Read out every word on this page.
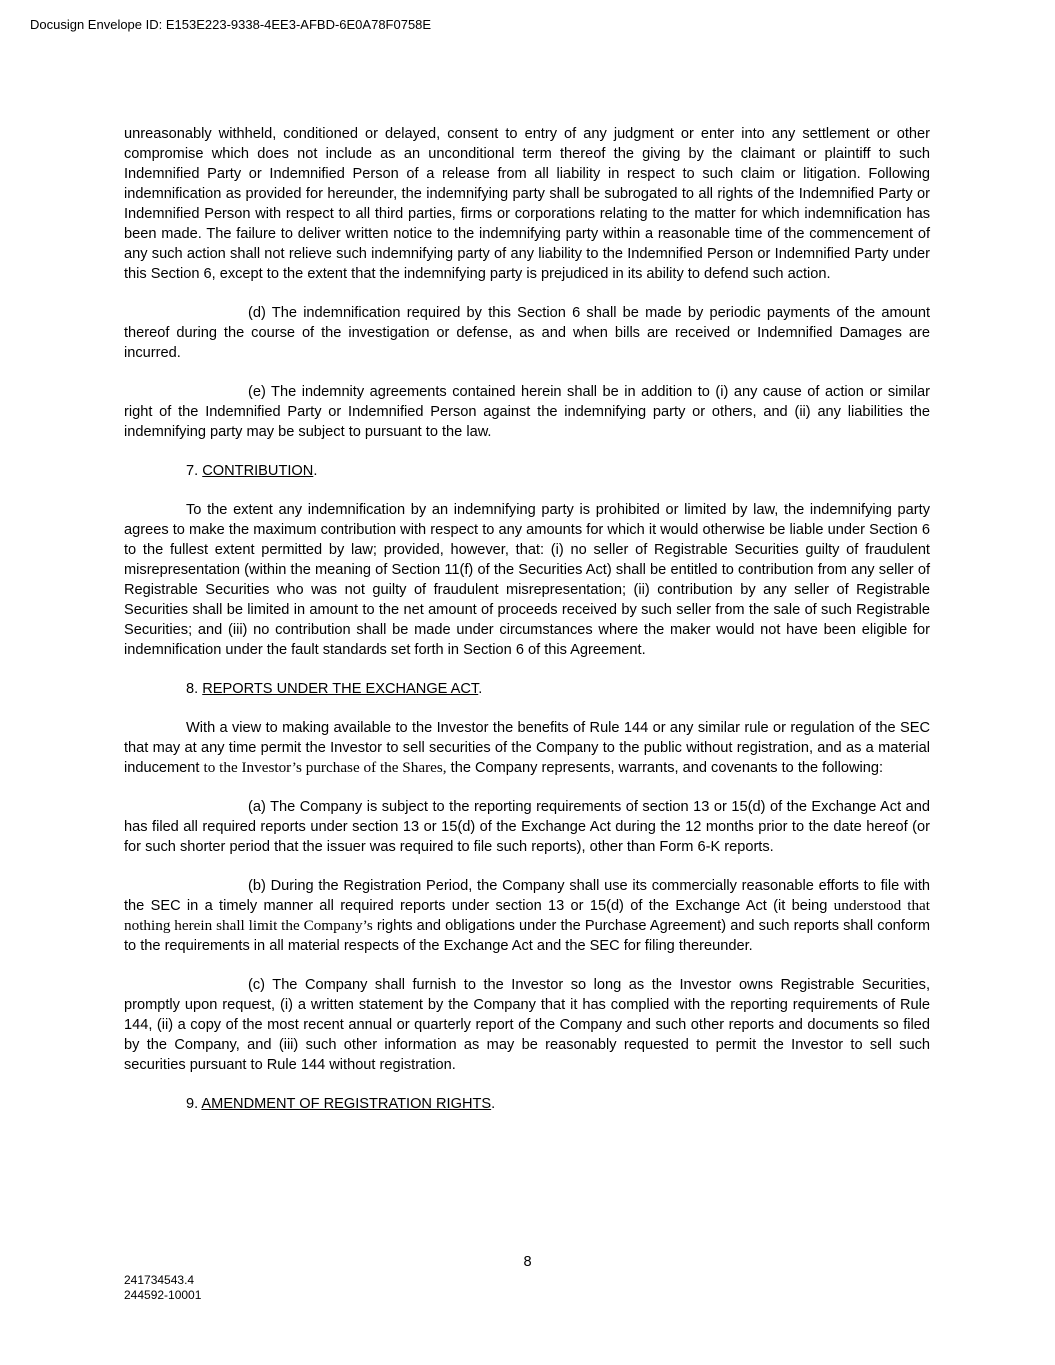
Docusign Envelope ID: E153E223-9338-4EE3-AFBD-6E0A78F0758E

unreasonably withheld, conditioned or delayed, consent to entry of any judgment or enter into any settlement or other compromise which does not include as an unconditional term thereof the giving by the claimant or plaintiff to such Indemnified Party or Indemnified Person of a release from all liability in respect to such claim or litigation. Following indemnification as provided for hereunder, the indemnifying party shall be subrogated to all rights of the Indemnified Party or Indemnified Person with respect to all third parties, firms or corporations relating to the matter for which indemnification has been made. The failure to deliver written notice to the indemnifying party within a reasonable time of the commencement of any such action shall not relieve such indemnifying party of any liability to the Indemnified Person or Indemnified Party under this Section 6, except to the extent that the indemnifying party is prejudiced in its ability to defend such action.

(d) The indemnification required by this Section 6 shall be made by periodic payments of the amount thereof during the course of the investigation or defense, as and when bills are received or Indemnified Damages are incurred.

(e) The indemnity agreements contained herein shall be in addition to (i) any cause of action or similar right of the Indemnified Party or Indemnified Person against the indemnifying party or others, and (ii) any liabilities the indemnifying party may be subject to pursuant to the law.

7. CONTRIBUTION.

To the extent any indemnification by an indemnifying party is prohibited or limited by law, the indemnifying party agrees to make the maximum contribution with respect to any amounts for which it would otherwise be liable under Section 6 to the fullest extent permitted by law; provided, however, that: (i) no seller of Registrable Securities guilty of fraudulent misrepresentation (within the meaning of Section 11(f) of the Securities Act) shall be entitled to contribution from any seller of Registrable Securities who was not guilty of fraudulent misrepresentation; (ii) contribution by any seller of Registrable Securities shall be limited in amount to the net amount of proceeds received by such seller from the sale of such Registrable Securities; and (iii) no contribution shall be made under circumstances where the maker would not have been eligible for indemnification under the fault standards set forth in Section 6 of this Agreement.

8. REPORTS UNDER THE EXCHANGE ACT.

With a view to making available to the Investor the benefits of Rule 144 or any similar rule or regulation of the SEC that may at any time permit the Investor to sell securities of the Company to the public without registration, and as a material inducement to the Investor’s purchase of the Shares, the Company represents, warrants, and covenants to the following:

(a) The Company is subject to the reporting requirements of section 13 or 15(d) of the Exchange Act and has filed all required reports under section 13 or 15(d) of the Exchange Act during the 12 months prior to the date hereof (or for such shorter period that the issuer was required to file such reports), other than Form 6-K reports.

(b) During the Registration Period, the Company shall use its commercially reasonable efforts to file with the SEC in a timely manner all required reports under section 13 or 15(d) of the Exchange Act (it being understood that nothing herein shall limit the Company’s rights and obligations under the Purchase Agreement) and such reports shall conform to the requirements in all material respects of the Exchange Act and the SEC for filing thereunder.

(c) The Company shall furnish to the Investor so long as the Investor owns Registrable Securities, promptly upon request, (i) a written statement by the Company that it has complied with the reporting requirements of Rule 144, (ii) a copy of the most recent annual or quarterly report of the Company and such other reports and documents so filed by the Company, and (iii) such other information as may be reasonably requested to permit the Investor to sell such securities pursuant to Rule 144 without registration.

9. AMENDMENT OF REGISTRATION RIGHTS.

8
241734543.4
244592-10001
